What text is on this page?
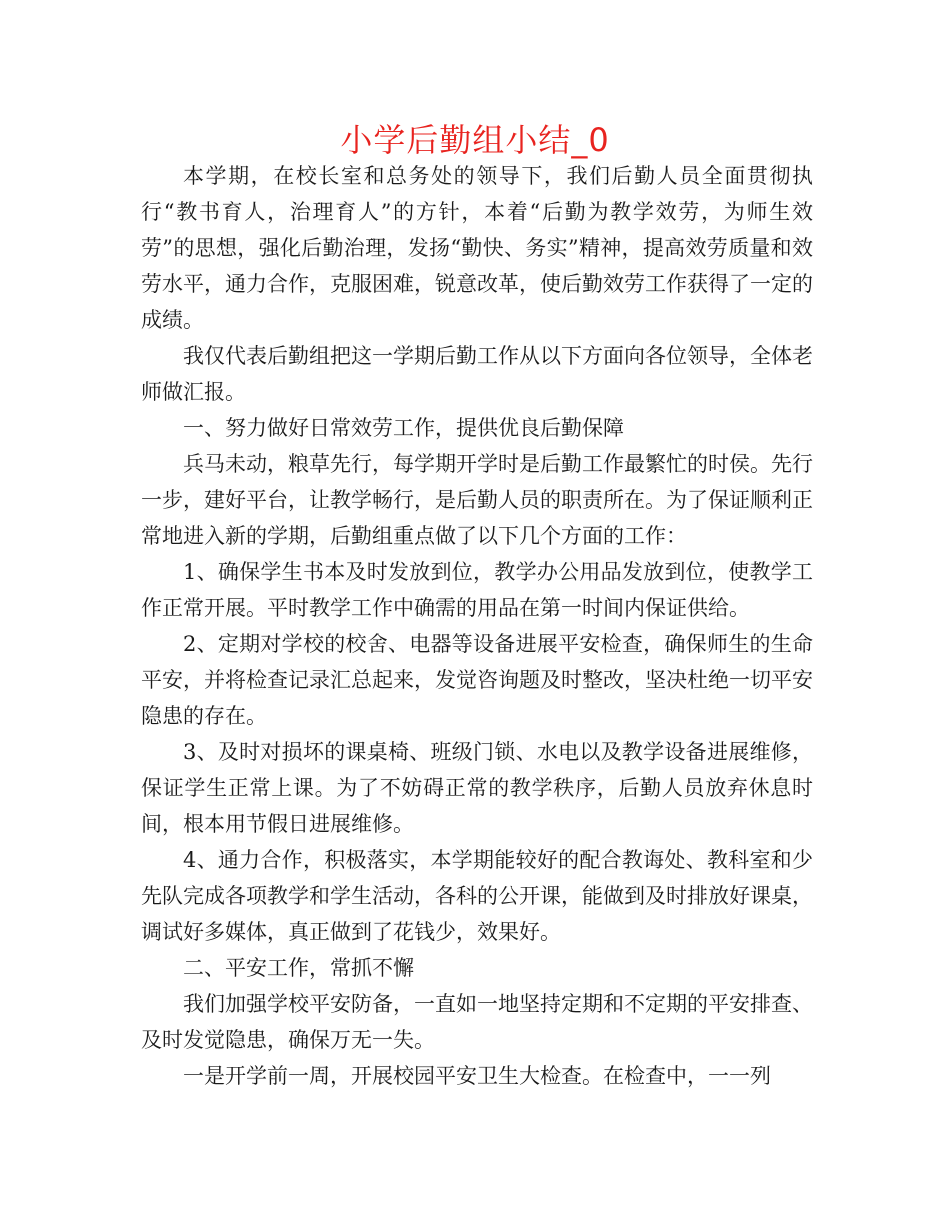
小学后勤组小结_0

本学期，在校长室和总务处的领导下，我们后勤人员全面贯彻执行“教书育人，治理育人”的方针，本着“后勤为教学效劳，为师生效劳”的思想，强化后勤治理，发扬“勤快、务实”精神，提高效劳质量和效劳水平，通力合作，克服困难，锐意改革，使后勤效劳工作获得了一定的成绩。

我仅代表后勤组把这一学期后勤工作从以下方面向各位领导，全体老师做汇报。

一、努力做好日常效劳工作，提供优良后勤保障

兵马未动，粮草先行，每学期开学时是后勤工作最繁忙的时侯。先行一步，建好平台，让教学畅行，是后勤人员的职责所在。为了保证顺利正常地进入新的学期，后勤组重点做了以下几个方面的工作：

1、确保学生书本及时发放到位，教学办公用品发放到位，使教学工作正常开展。平时教学工作中确需的用品在第一时间内保证供给。

2、定期对学校的校舍、电器等设备进展平安检查，确保师生的生命平安，并将检查记录汇总起来，发觉咨询题及时整改，坚决杜绝一切平安隐患的存在。

3、及时对损坏的课桌椅、班级门锁、水电以及教学设备进展维修，保证学生正常上课。为了不妨碍正常的教学秩序，后勤人员放弃休息时间，根本用节假日进展维修。

4、通力合作，积极落实，本学期能较好的配合教诲处、教科室和少先队完成各项教学和学生活动，各科的公开课，能做到及时排放好课桌，调试好多媒体，真正做到了花钱少，效果好。

二、平安工作，常抓不懈

我们加强学校平安防备，一直如一地坚持定期和不定期的平安排查、及时发觉隐患，确保万无一失。

一是开学前一周，开展校园平安卫生大检查。在检查中，一一列
